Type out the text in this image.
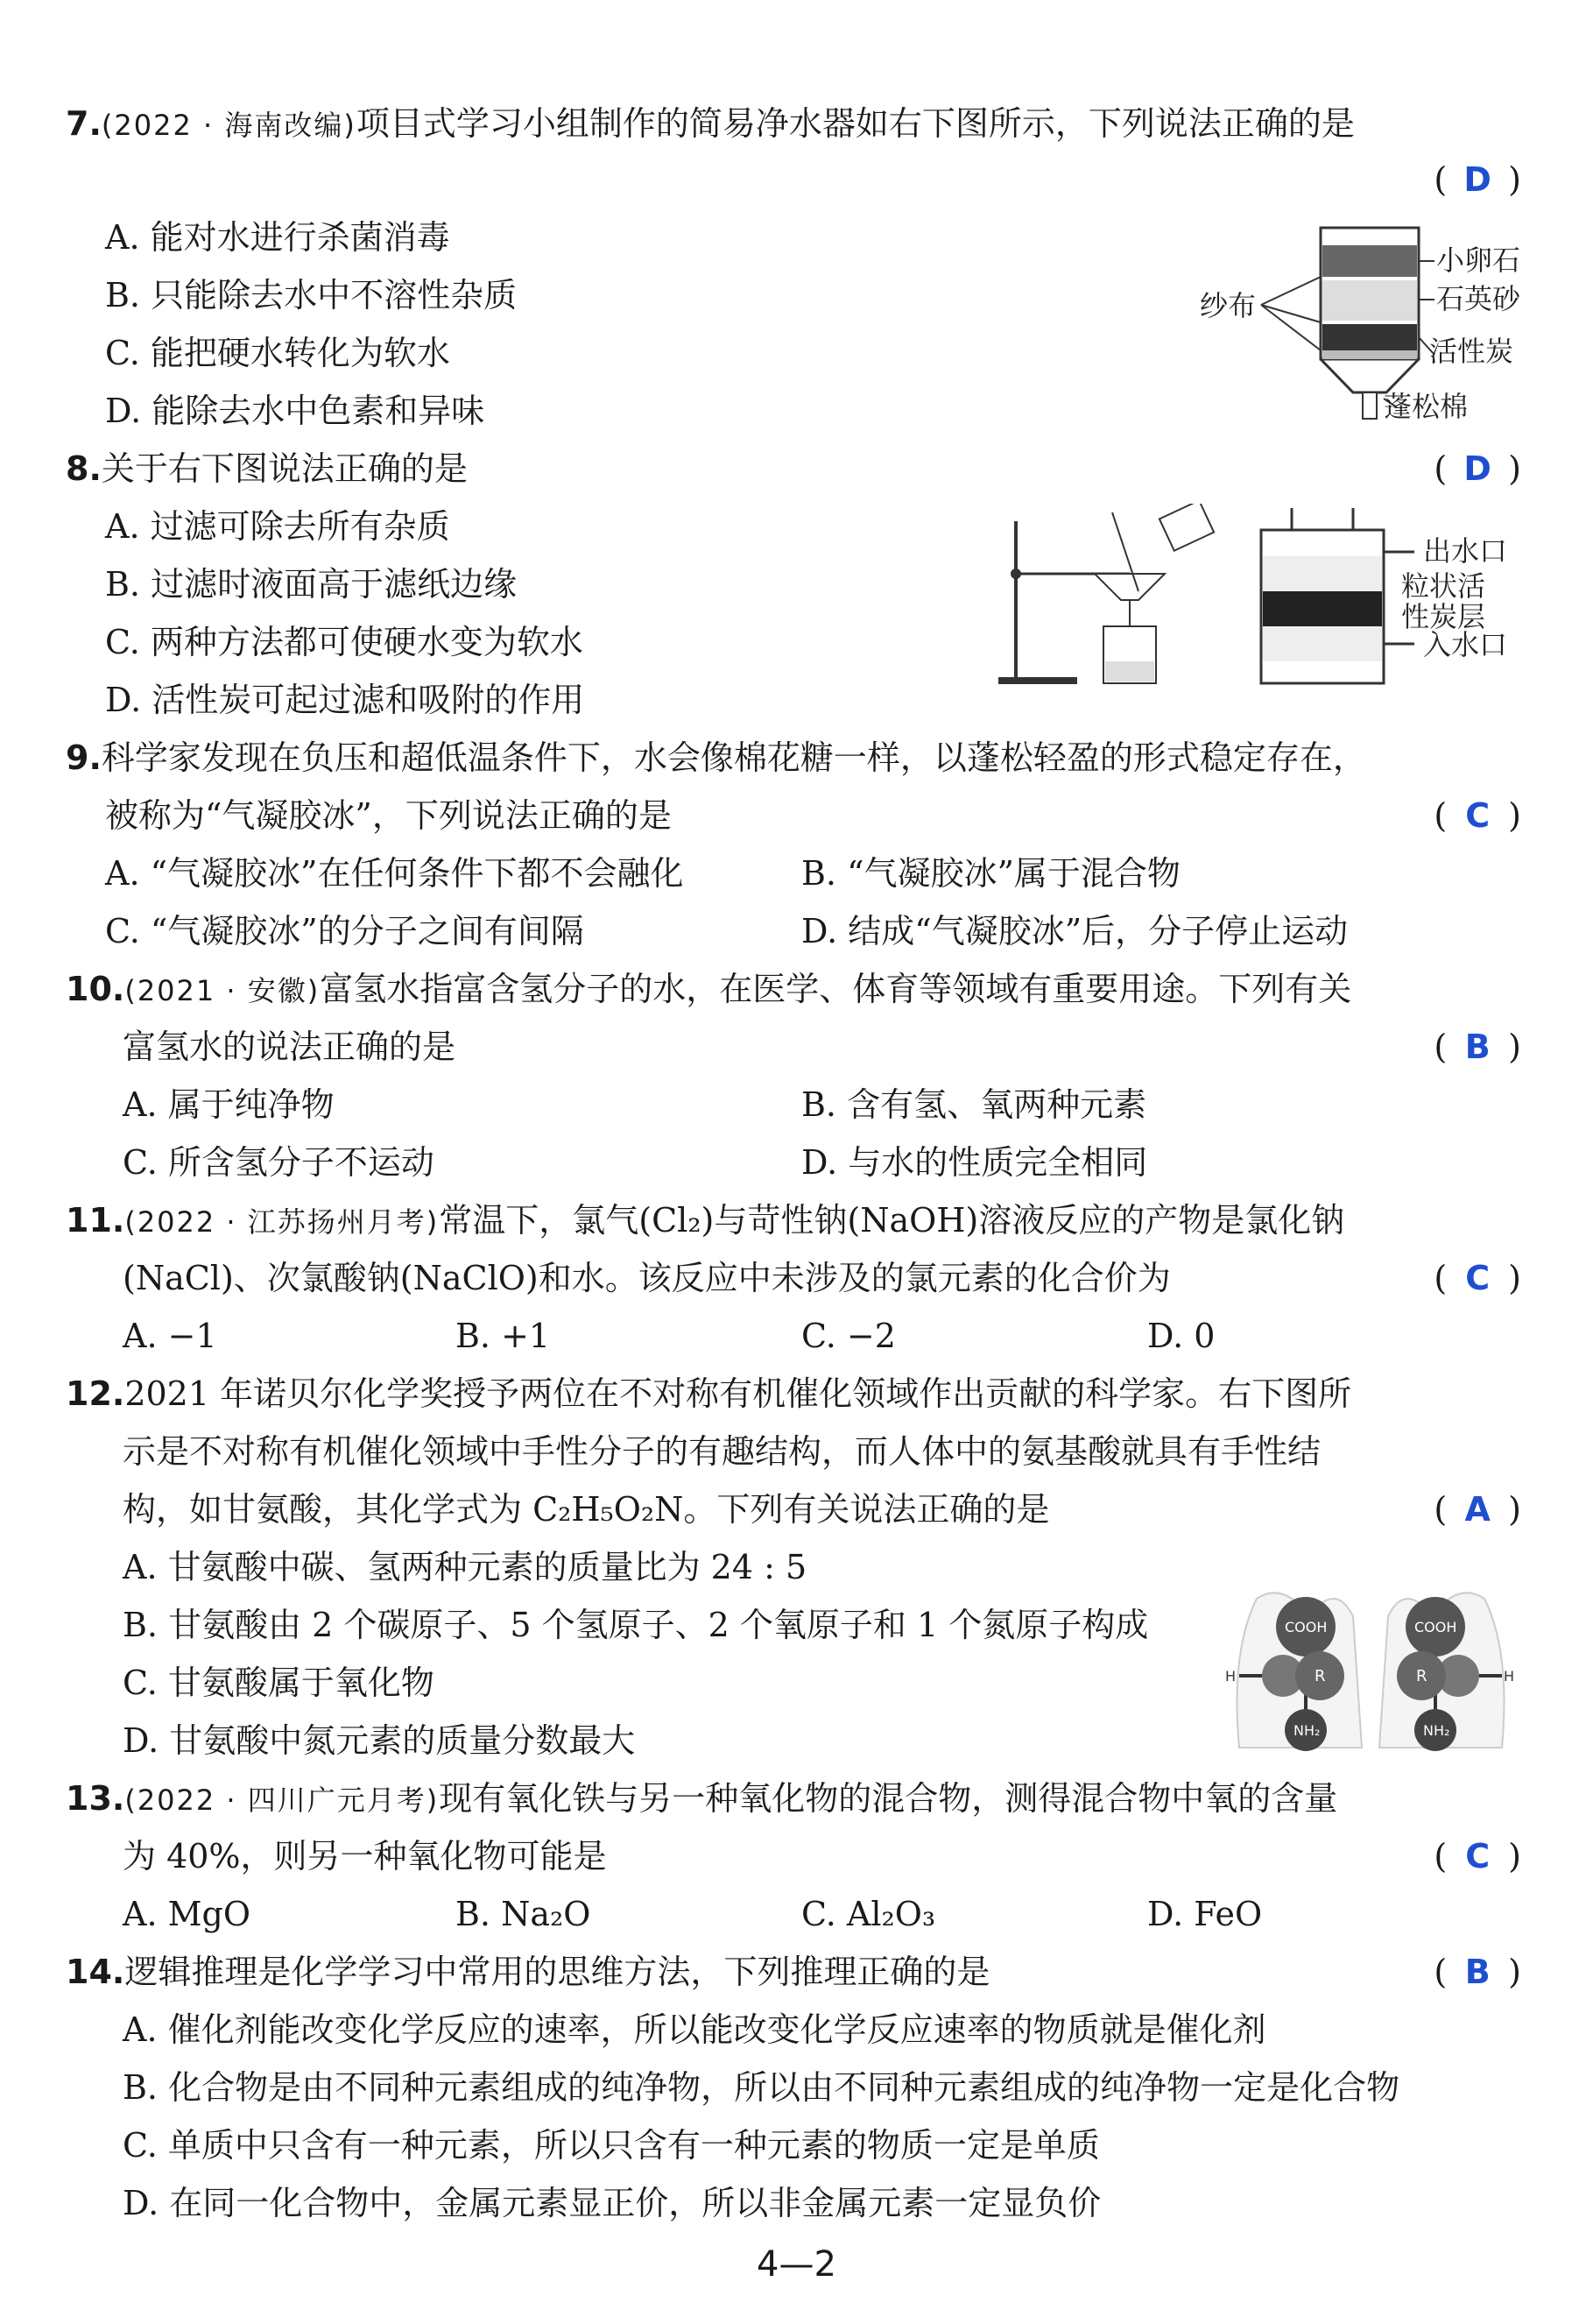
7.(2022 · 海南改编)项目式学习小组制作的简易净水器如右下图所示，下列说法正确的是
( D )
A. 能对水进行杀菌消毒
B. 只能除去水中不溶性杂质
C. 能把硬水转化为软水
D. 能除去水中色素和异味
纱布
小卵石
石英砂
活性炭
蓬松棉
8.关于右下图说法正确的是	( D )
A. 过滤可除去所有杂质
B. 过滤时液面高于滤纸边缘
C. 两种方法都可使硬水变为软水
D. 活性炭可起过滤和吸附的作用
出水口
粒状活
性炭层
入水口
9.科学家发现在负压和超低温条件下，水会像棉花糖一样，以蓬松轻盈的形式稳定存在，
被称为“气凝胶冰”，下列说法正确的是	( C )
A. “气凝胶冰”在任何条件下都不会融化	B. “气凝胶冰”属于混合物
C. “气凝胶冰”的分子之间有间隔	D. 结成“气凝胶冰”后，分子停止运动
10.(2021 · 安徽)富氢水指富含氢分子的水，在医学、体育等领域有重要用途。下列有关
富氢水的说法正确的是	( B )
A. 属于纯净物	B. 含有氢、氧两种元素
C. 所含氢分子不运动	D. 与水的性质完全相同
11.(2022 · 江苏扬州月考)常温下，氯气(Cl₂)与苛性钠(NaOH)溶液反应的产物是氯化钠
(NaCl)、次氯酸钠(NaClO)和水。该反应中未涉及的氯元素的化合价为	( C )
A. −1	B. +1	C. −2	D. 0
12.2021 年诺贝尔化学奖授予两位在不对称有机催化领域作出贡献的科学家。右下图所
示是不对称有机催化领域中手性分子的有趣结构，而人体中的氨基酸就具有手性结
构，如甘氨酸，其化学式为 C₂H₅O₂N。下列有关说法正确的是	( A )
A. 甘氨酸中碳、氢两种元素的质量比为 24 : 5
B. 甘氨酸由 2 个碳原子、5 个氢原子、2 个氧原子和 1 个氮原子构成
C. 甘氨酸属于氧化物
D. 甘氨酸中氮元素的质量分数最大
COOH
R
H
NH₂
COOH
R	H
NH₂
13.(2022 · 四川广元月考)现有氧化铁与另一种氧化物的混合物，测得混合物中氧的含量
为 40%，则另一种氧化物可能是	( C )
A. MgO	B. Na₂O	C. Al₂O₃	D. FeO
14.逻辑推理是化学学习中常用的思维方法，下列推理正确的是	( B )
A. 催化剂能改变化学反应的速率，所以能改变化学反应速率的物质就是催化剂
B. 化合物是由不同种元素组成的纯净物，所以由不同种元素组成的纯净物一定是化合物
C. 单质中只含有一种元素，所以只含有一种元素的物质一定是单质
D. 在同一化合物中，金属元素显正价，所以非金属元素一定显负价
4—2
